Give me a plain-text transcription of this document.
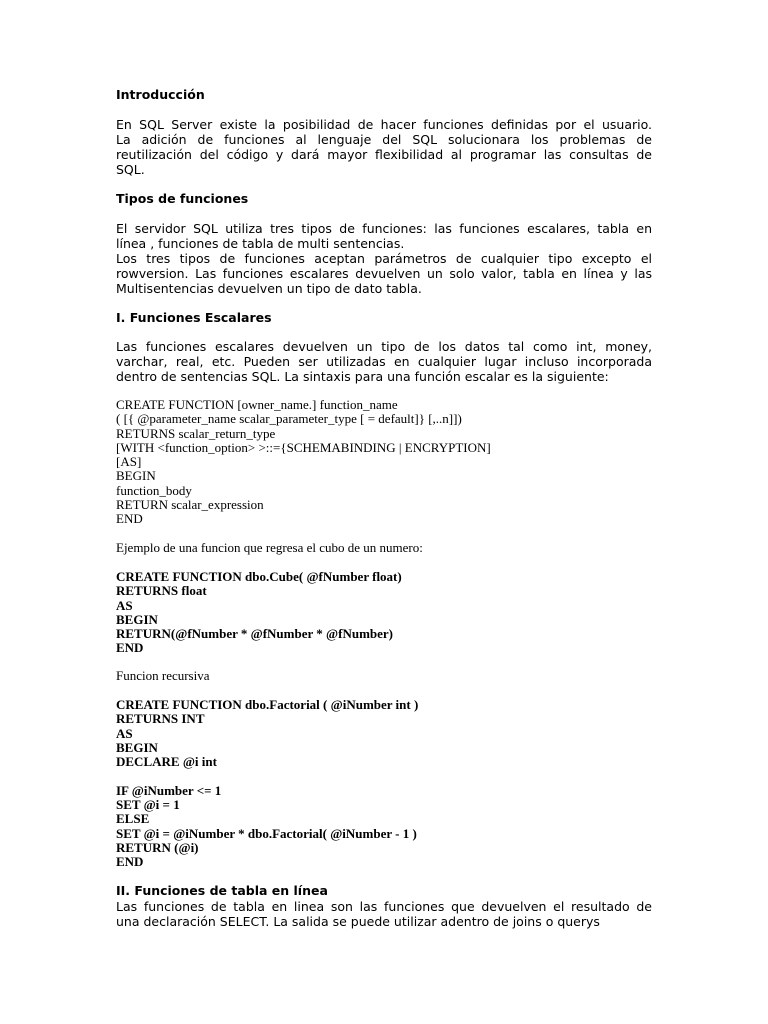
Introducción
En SQL Server existe la posibilidad de hacer funciones definidas por el usuario.
La adición de funciones al lenguaje del SQL solucionara los problemas de
reutilización del código y dará mayor flexibilidad al programar las consultas de
SQL.
Tipos de funciones
El servidor SQL utiliza tres tipos de funciones: las funciones escalares, tabla en
línea , funciones de tabla de multi sentencias.
Los tres tipos de funciones aceptan parámetros de cualquier tipo excepto el
rowversion. Las funciones escalares devuelven un solo valor, tabla en línea y las
Multisentencias devuelven un tipo de dato tabla.
I. Funciones Escalares
Las funciones escalares devuelven un tipo de los datos tal como int, money,
varchar, real, etc. Pueden ser utilizadas en cualquier lugar incluso incorporada
dentro de sentencias SQL. La sintaxis para una función escalar es la siguiente:
CREATE FUNCTION [owner_name.] function_name
( [{ @parameter_name scalar_parameter_type [ = default]} [,..n]])
RETURNS scalar_return_type
[WITH <function_option> >::={SCHEMABINDING | ENCRYPTION]
[AS]
BEGIN
function_body
RETURN scalar_expression
END
Ejemplo de una funcion que regresa el cubo de un numero:
CREATE FUNCTION dbo.Cube( @fNumber float)
RETURNS float
AS
BEGIN
RETURN(@fNumber * @fNumber * @fNumber)
END
Funcion recursiva
CREATE FUNCTION dbo.Factorial ( @iNumber int )
RETURNS INT
AS
BEGIN
DECLARE @i int
IF @iNumber <= 1
SET @i = 1
ELSE
SET @i = @iNumber * dbo.Factorial( @iNumber - 1 )
RETURN (@i)
END
II. Funciones de tabla en línea
Las funciones de tabla en linea son las funciones que devuelven el resultado de
una declaración SELECT. La salida se puede utilizar adentro de joins o querys
